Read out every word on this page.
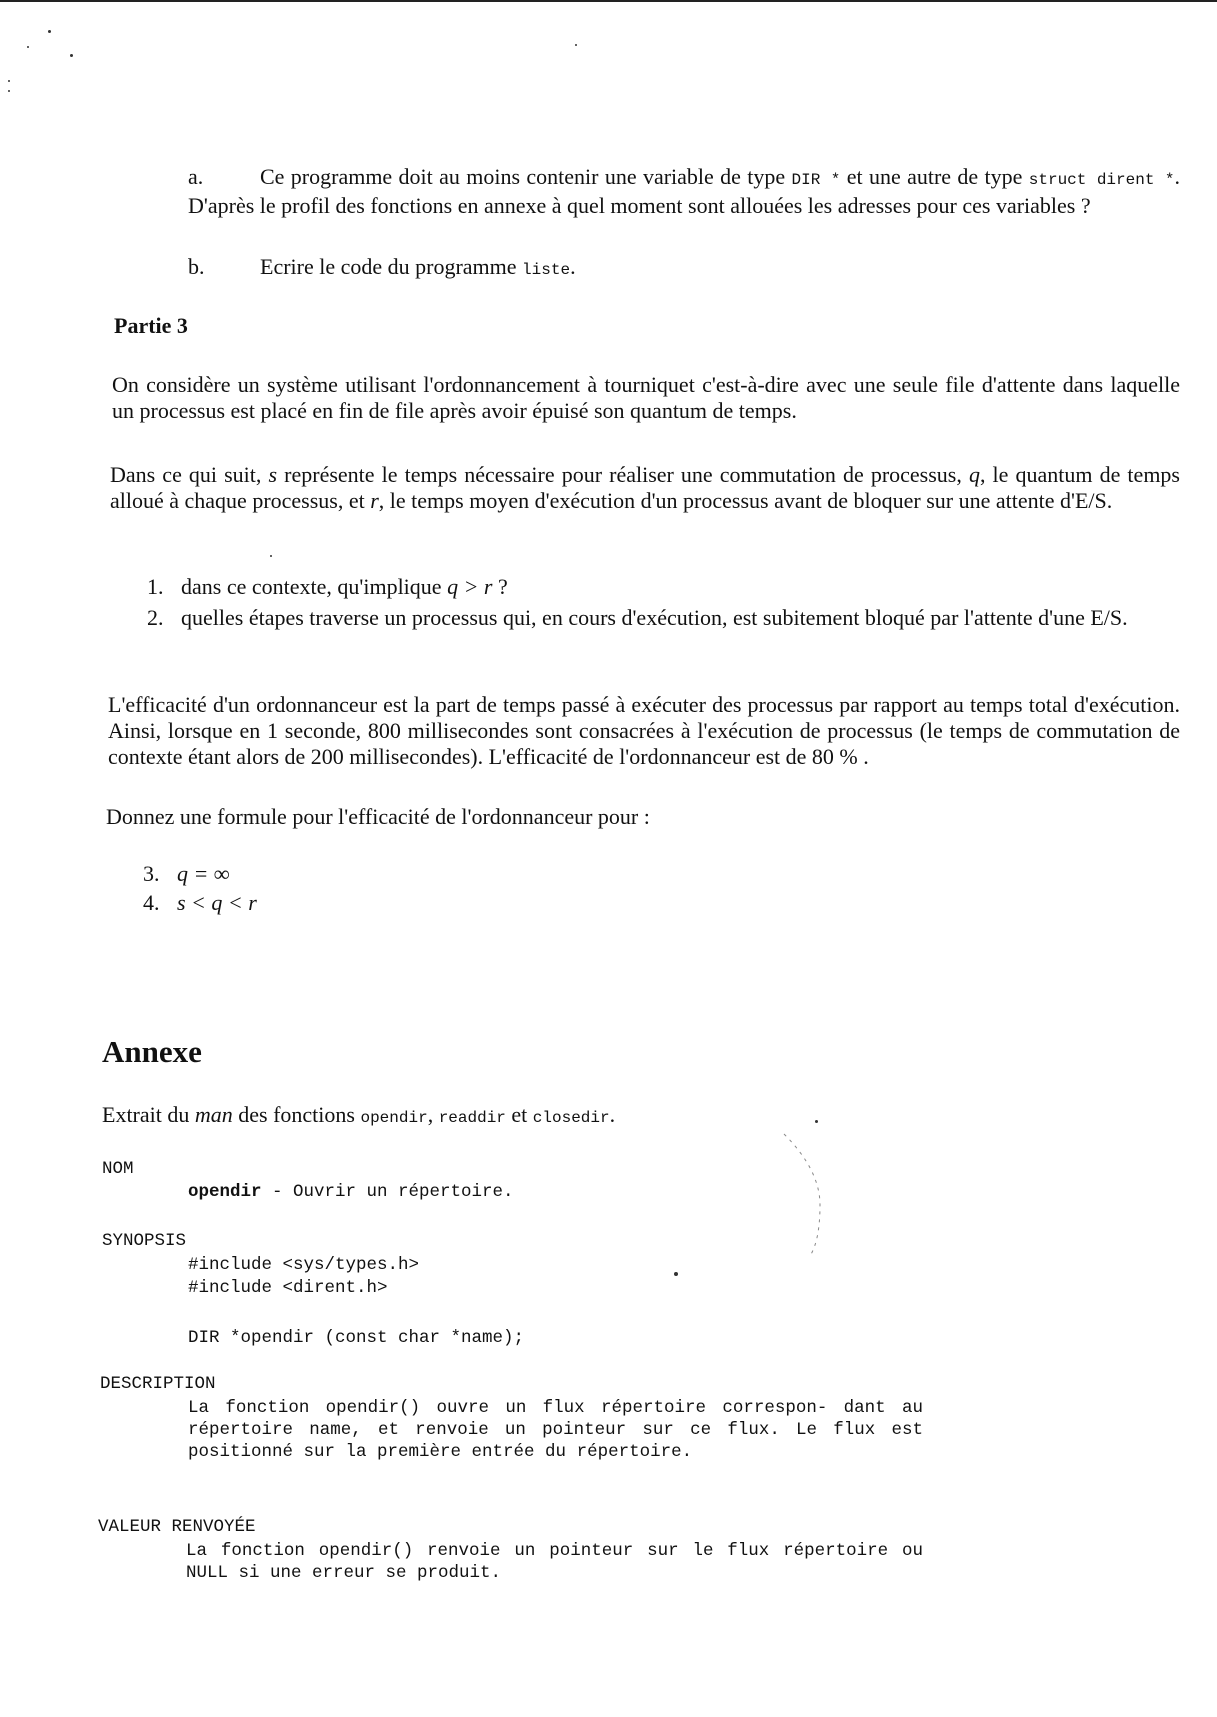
a.	Ce programme doit au moins contenir une variable de type DIR * et une autre de type struct dirent *. D'après le profil des fonctions en annexe à quel moment sont allouées les adresses pour ces variables ?
b.	Ecrire le code du programme liste.
Partie 3
On considère un système utilisant l'ordonnancement à tourniquet c'est-à-dire avec une seule file d'attente dans laquelle un processus est placé en fin de file après avoir épuisé son quantum de temps.
Dans ce qui suit, s représente le temps nécessaire pour réaliser une commutation de processus, q, le quantum de temps alloué à chaque processus, et r, le temps moyen d'exécution d'un processus avant de bloquer sur une attente d'E/S.
1. dans ce contexte, qu'implique q > r ?
2. quelles étapes traverse un processus qui, en cours d'exécution, est subitement bloqué par l'attente d'une E/S.
L'efficacité d'un ordonnanceur est la part de temps passé à exécuter des processus par rapport au temps total d'exécution. Ainsi, lorsque en 1 seconde, 800 millisecondes sont consacrées à l'exécution de processus (le temps de commutation de contexte étant alors de 200 millisecondes). L'efficacité de l'ordonnanceur est de 80 % .
Donnez une formule pour l'efficacité de l'ordonnanceur pour :
3. q = ∞
4. s < q < r
Annexe
Extrait du man des fonctions opendir, readdir et closedir.
NOM
opendir - Ouvrir un répertoire.
SYNOPSIS
#include <sys/types.h>
#include <dirent.h>
DIR *opendir (const char *name);
DESCRIPTION
La fonction opendir() ouvre un flux répertoire correspon- dant au répertoire name, et renvoie un pointeur sur ce flux. Le flux est positionné sur la première entrée du répertoire.
VALEUR RENVOYÉE
La fonction opendir() renvoie un pointeur sur le flux répertoire ou NULL si une erreur se produit.
